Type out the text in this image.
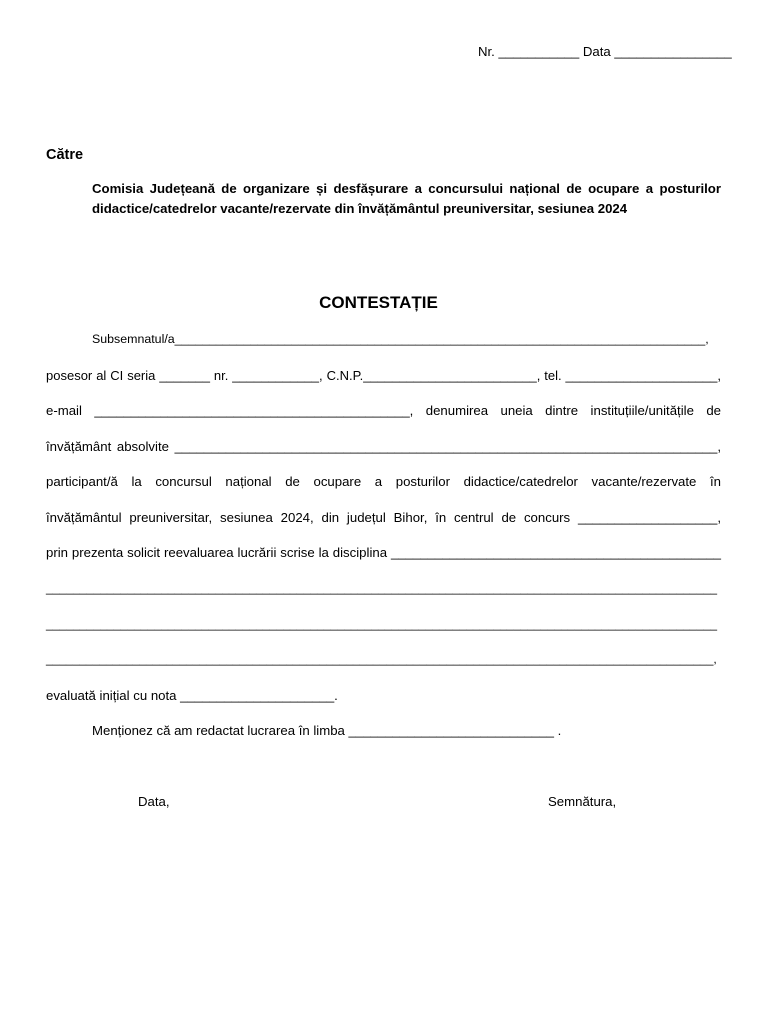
Nr. ___________ Data ________________
Către
Comisia Județeană de organizare și desfășurare a concursului național de ocupare a posturilor
didactice/catedrelor vacante/rezervate din învățământul preuniversitar, sesiunea 2024
CONTESTAȚIE
Subsemnatul/a_____________________________________________________________________________,
posesor al CI seria _______ nr. ____________, C.N.P.________________________, tel. _____________________,
e-mail ___________________________________________, denumirea uneia dintre instituțiile/unitățile de
învățământ absolvite __________________________________________________________________________,
participant/ă la concursul național de ocupare a posturilor didactice/catedrelor vacante/rezervate în
învățământul preuniversitar, sesiunea 2024, din județul Bihor, în centrul de concurs ___________________,
prin prezenta solicit reevaluarea lucrării scrise la disciplina _____________________________________________
___________________________________________________________________________________________________
___________________________________________________________________________________________________
____________________________________________________________________________________________________,
evaluată inițial cu nota _____________________.
Menționez că am redactat lucrarea în limba ____________________________ .
Data,	Semnătura,
